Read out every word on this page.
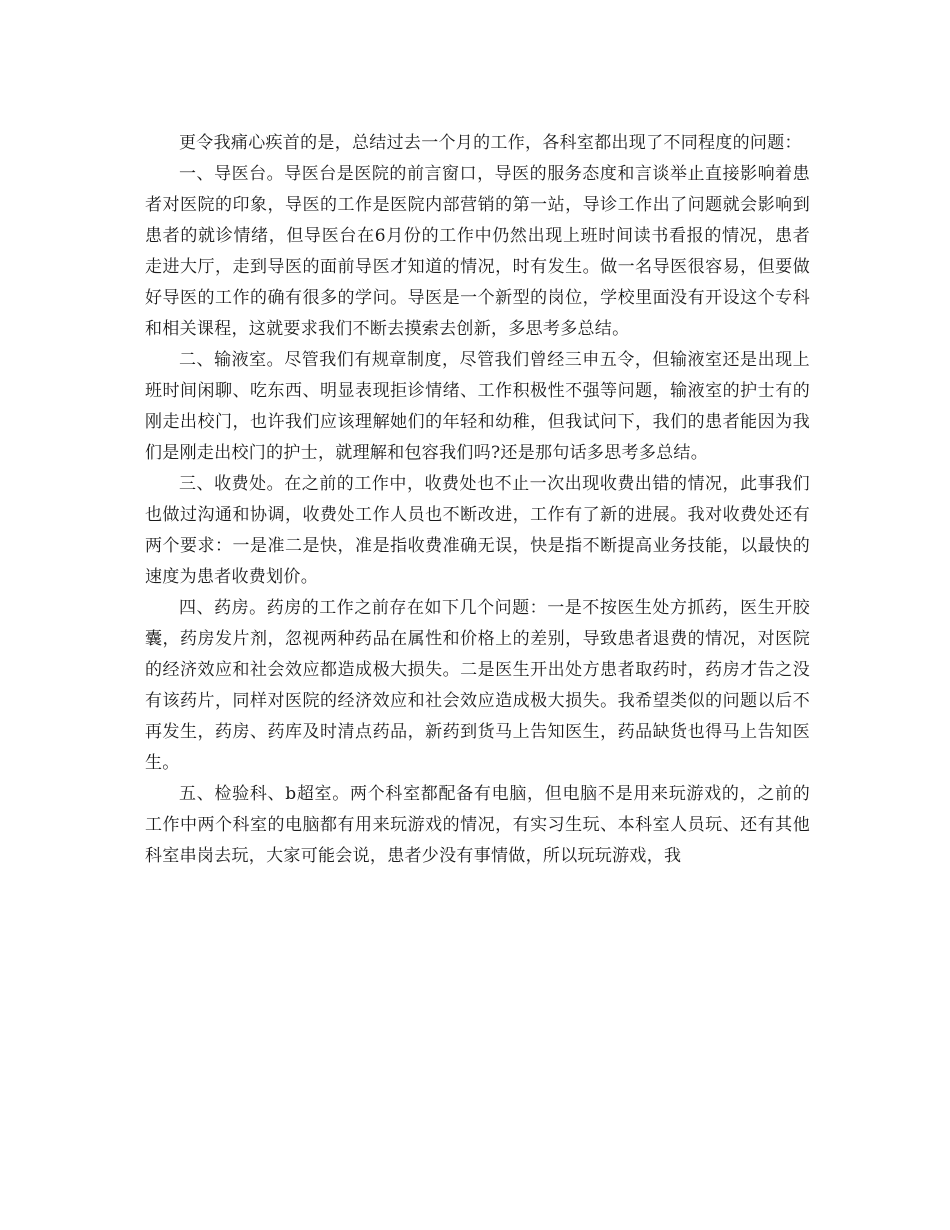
更令我痛心疾首的是，总结过去一个月的工作，各科室都出现了不同程度的问题：

一、导医台。导医台是医院的前言窗口，导医的服务态度和言谈举止直接影响着患者对医院的印象，导医的工作是医院内部营销的第一站，导诊工作出了问题就会影响到患者的就诊情绪，但导医台在6月份的工作中仍然出现上班时间读书看报的情况，患者走进大厅，走到导医的面前导医才知道的情况，时有发生。做一名导医很容易，但要做好导医的工作的确有很多的学问。导医是一个新型的岗位，学校里面没有开设这个专科和相关课程，这就要求我们不断去摸索去创新，多思考多总结。

二、输液室。尽管我们有规章制度，尽管我们曾经三申五令，但输液室还是出现上班时间闲聊、吃东西、明显表现拒诊情绪、工作积极性不强等问题，输液室的护士有的刚走出校门，也许我们应该理解她们的年轻和幼稚，但我试问下，我们的患者能因为我们是刚走出校门的护士，就理解和包容我们吗?还是那句话多思考多总结。

三、收费处。在之前的工作中，收费处也不止一次出现收费出错的情况，此事我们也做过沟通和协调，收费处工作人员也不断改进，工作有了新的进展。我对收费处还有两个要求：一是准二是快，准是指收费准确无误，快是指不断提高业务技能，以最快的速度为患者收费划价。

四、药房。药房的工作之前存在如下几个问题：一是不按医生处方抓药，医生开胶囊，药房发片剂，忽视两种药品在属性和价格上的差别，导致患者退费的情况，对医院的经济效应和社会效应都造成极大损失。二是医生开出处方患者取药时，药房才告之没有该药片，同样对医院的经济效应和社会效应造成极大损失。我希望类似的问题以后不再发生，药房、药库及时清点药品，新药到货马上告知医生，药品缺货也得马上告知医生。

五、检验科、b超室。两个科室都配备有电脑，但电脑不是用来玩游戏的，之前的工作中两个科室的电脑都有用来玩游戏的情况，有实习生玩、本科室人员玩、还有其他科室串岗去玩，大家可能会说，患者少没有事情做，所以玩玩游戏，我
